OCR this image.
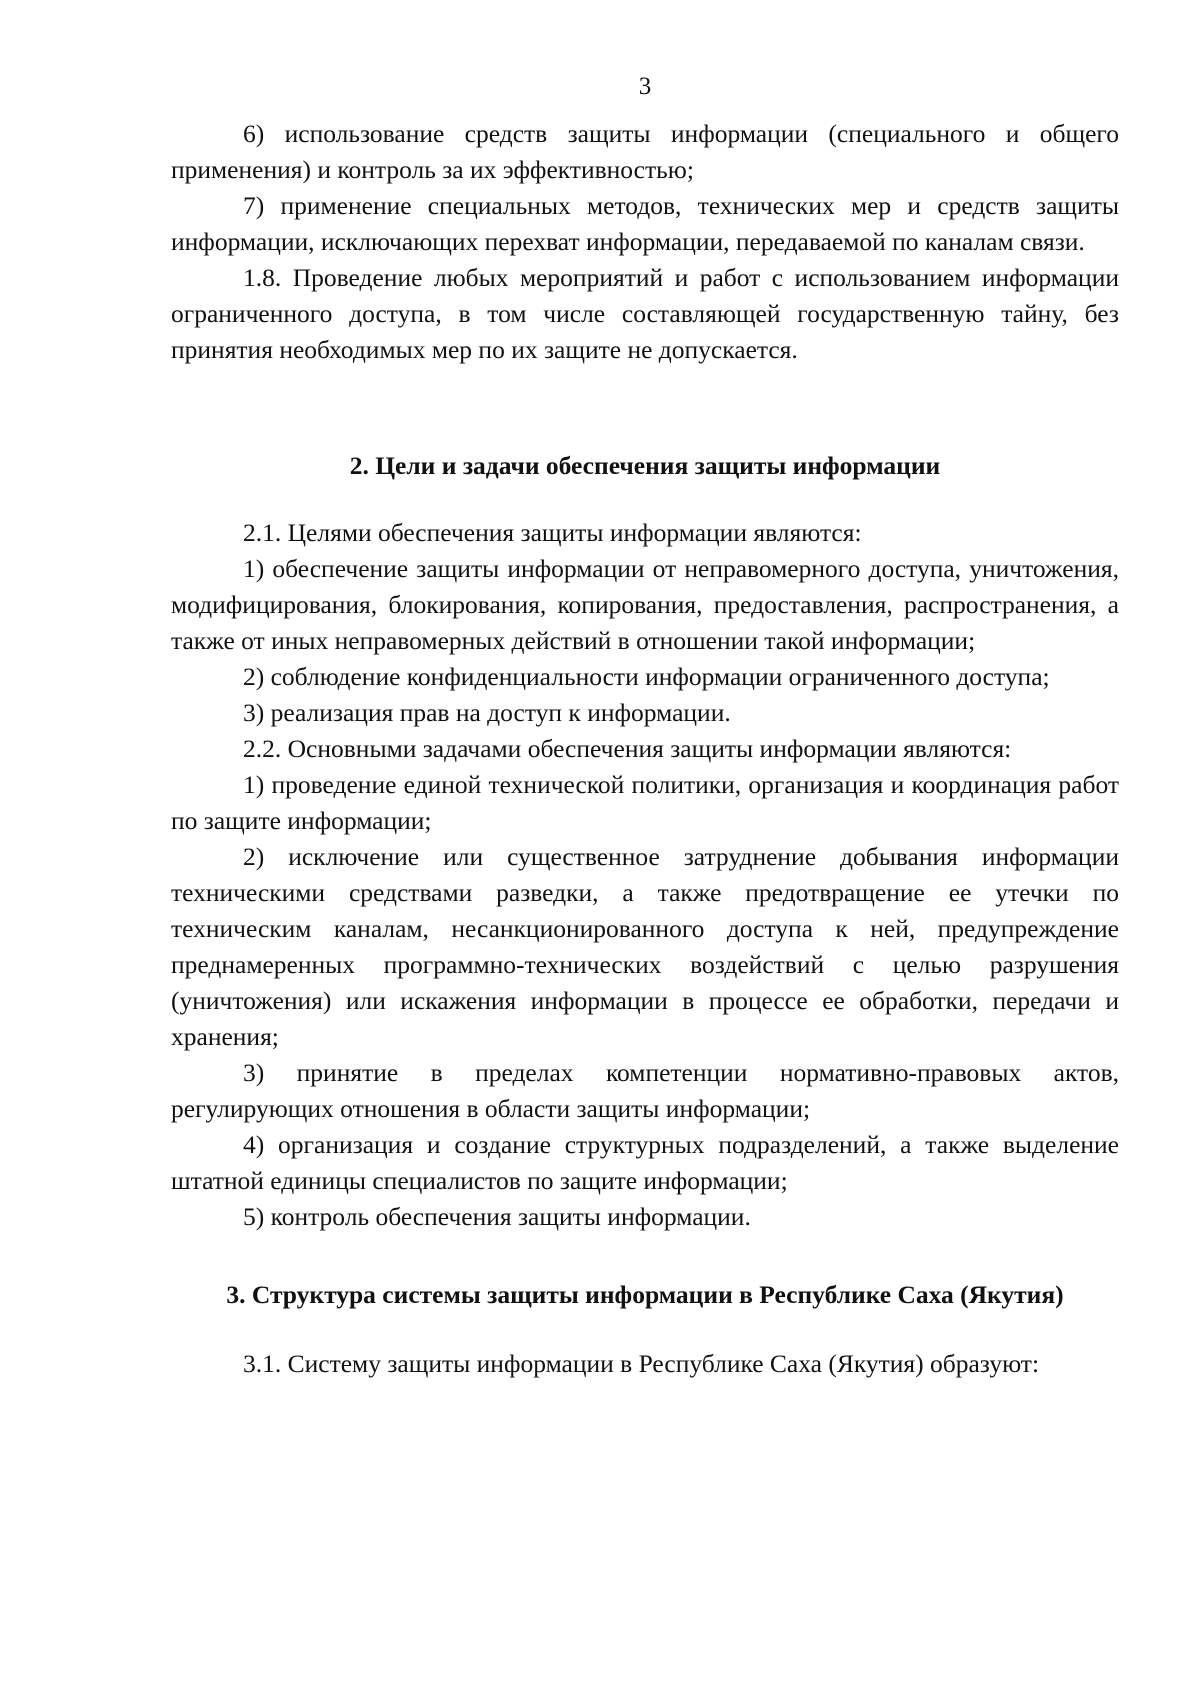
3

6) использование средств защиты информации (специального и общего применения) и контроль за их эффективностью;

7) применение специальных методов, технических мер и средств защиты информации, исключающих перехват информации, передаваемой по каналам связи.

1.8. Проведение любых мероприятий и работ с использованием информации ограниченного доступа, в том числе составляющей государственную тайну, без принятия необходимых мер по их защите не допускается.

2. Цели и задачи обеспечения защиты информации

2.1. Целями обеспечения защиты информации являются:

1) обеспечение защиты информации от неправомерного доступа, уничтожения, модифицирования, блокирования, копирования, предоставления, распространения, а также от иных неправомерных действий в отношении такой информации;

2) соблюдение конфиденциальности информации ограниченного доступа;

3) реализация прав на доступ к информации.

2.2. Основными задачами обеспечения защиты информации являются:

1) проведение единой технической политики, организация и координация работ по защите информации;

2) исключение или существенное затруднение добывания информации техническими средствами разведки, а также предотвращение ее утечки по техническим каналам, несанкционированного доступа к ней, предупреждение преднамеренных программно-технических воздействий с целью разрушения (уничтожения) или искажения информации в процессе ее обработки, передачи и хранения;

3) принятие в пределах компетенции нормативно-правовых актов, регулирующих отношения в области защиты информации;

4) организация и создание структурных подразделений, а также выделение штатной единицы специалистов по защите информации;

5) контроль обеспечения защиты информации.

3. Структура системы защиты информации в Республике Саха (Якутия)

3.1. Систему защиты информации в Республике Саха (Якутия) образуют:
